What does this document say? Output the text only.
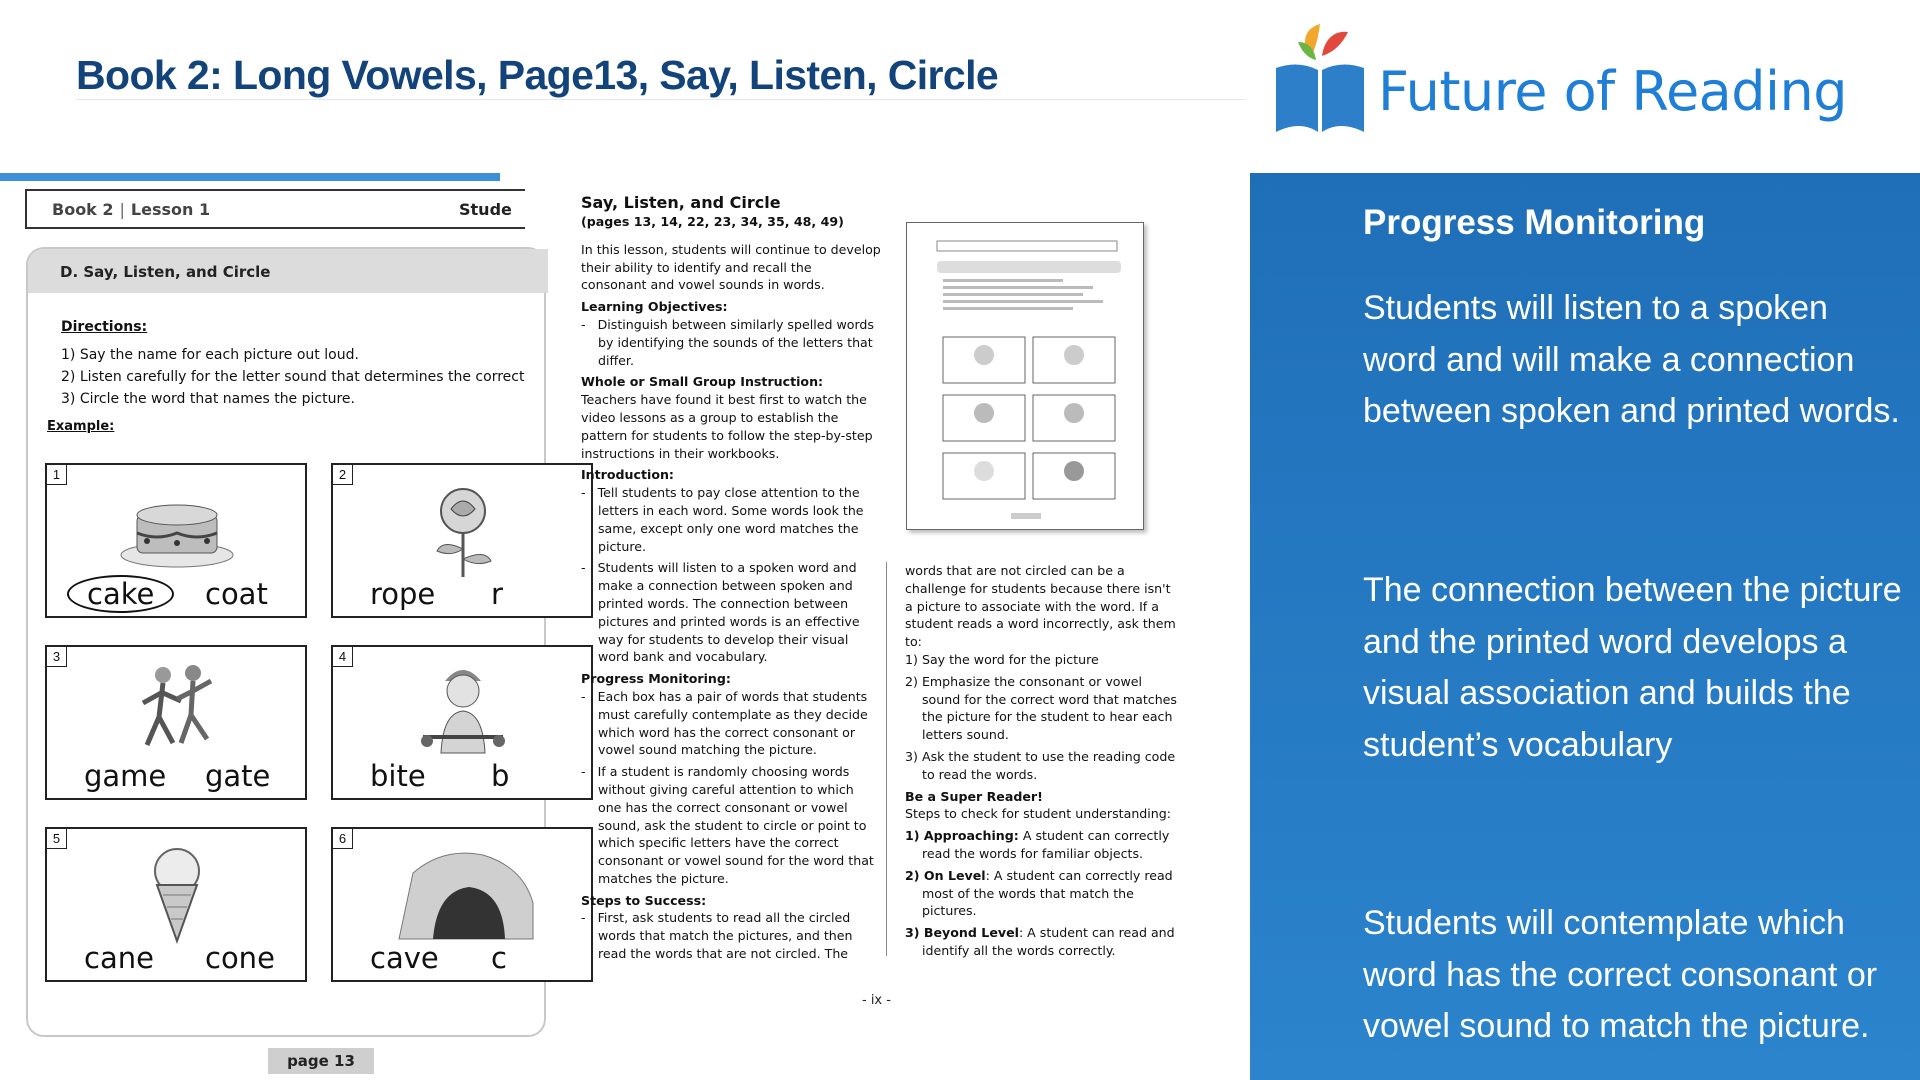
Book 2: Long Vowels, Page13, Say, Listen, Circle	Future of Reading
Book 2 | Lesson 1	Stude
D. Say, Listen, and Circle
Directions:
1) Say the name for each picture out loud.
2) Listen carefully for the letter sound that determines the correct
3) Circle the word that names the picture.
Example:
1
cake	coat
2
rope r
3
game gate
4
bite b
5
cane cone
6
cave c
page 13
Say, Listen, and Circle
(pages 13, 14, 22, 23, 34, 35, 48, 49)
In this lesson, students will continue to develop their ability to identify and recall the consonant and vowel sounds in words.
Learning Objectives:
-   Distinguish between similarly spelled words by identifying the sounds of the letters that differ.
Whole or Small Group Instruction:
Teachers have found it best first to watch the video lessons as a group to establish the pattern for students to follow the step-by-step instructions in their workbooks.
Introduction:
-   Tell students to pay close attention to the letters in each word. Some words look the same, except only one word matches the picture.
-   Students will listen to a spoken word and make a connection between spoken and printed words. The connection between pictures and printed words is an effective way for students to develop their visual word bank and vocabulary.
Progress Monitoring:
-   Each box has a pair of words that students must carefully contemplate as they decide which word has the correct consonant or vowel sound matching the picture.
-   If a student is randomly choosing words without giving careful attention to which one has the correct consonant or vowel sound, ask the student to circle or point to which specific letters have the correct consonant or vowel sound for the word that matches the picture.
Steps to Success:
-   First, ask students to read all the circled words that match the pictures, and then read the words that are not circled. The
words that are not circled can be a challenge for students because there isn't a picture to associate with the word. If a student reads a word incorrectly, ask them to:
1) Say the word for the picture
2) Emphasize the consonant or vowel sound for the correct word that matches the picture for the student to hear each letters sound.
3) Ask the student to use the reading code to read the words.
Be a Super Reader!
Steps to check for student understanding:
1) Approaching: A student can correctly read the words for familiar objects.
2) On Level: A student can correctly read most of the words that match the pictures.
3) Beyond Level: A student can read and identify all the words correctly.
- ix -
Progress Monitoring
Students will listen to a spoken word and will make a connection between spoken and printed words.
The connection between the picture and the printed word develops a visual association and builds the student’s vocabulary
Students will contemplate which word has the correct consonant or vowel sound to match the picture.
